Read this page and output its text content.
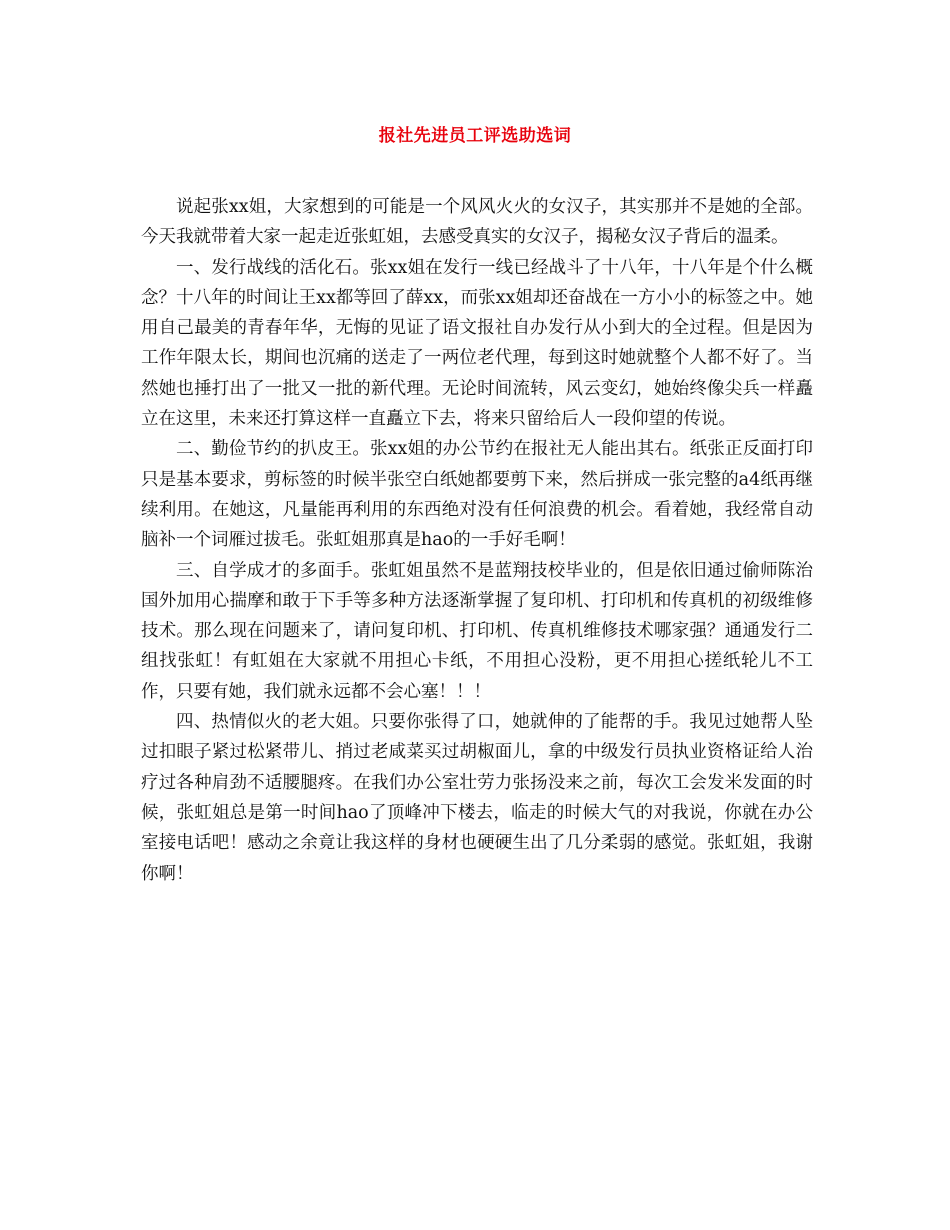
报社先进员工评选助选词

说起张xx姐，大家想到的可能是一个风风火火的女汉子，其实那并不是她的全部。今天我就带着大家一起走近张虹姐，去感受真实的女汉子，揭秘女汉子背后的温柔。

一、发行战线的活化石。张xx姐在发行一线已经战斗了十八年，十八年是个什么概念？十八年的时间让王xx都等回了薛xx，而张xx姐却还奋战在一方小小的标签之中。她用自己最美的青春年华，无悔的见证了语文报社自办发行从小到大的全过程。但是因为工作年限太长，期间也沉痛的送走了一两位老代理，每到这时她就整个人都不好了。当然她也捶打出了一批又一批的新代理。无论时间流转，风云变幻，她始终像尖兵一样矗立在这里，未来还打算这样一直矗立下去，将来只留给后人一段仰望的传说。

二、勤俭节约的扒皮王。张xx姐的办公节约在报社无人能出其右。纸张正反面打印只是基本要求，剪标签的时候半张空白纸她都要剪下来，然后拼成一张完整的a4纸再继续利用。在她这，凡量能再利用的东西绝对没有任何浪费的机会。看着她，我经常自动脑补一个词雁过拔毛。张虹姐那真是hao的一手好毛啊！

三、自学成才的多面手。张虹姐虽然不是蓝翔技校毕业的，但是依旧通过偷师陈治国外加用心揣摩和敢于下手等多种方法逐渐掌握了复印机、打印机和传真机的初级维修技术。那么现在问题来了，请问复印机、打印机、传真机维修技术哪家强？通通发行二组找张虹！有虹姐在大家就不用担心卡纸，不用担心没粉，更不用担心搓纸轮儿不工作，只要有她，我们就永远都不会心塞！！！

四、热情似火的老大姐。只要你张得了口，她就伸的了能帮的手。我见过她帮人坠过扣眼子紧过松紧带儿、捎过老咸菜买过胡椒面儿，拿的中级发行员执业资格证给人治疗过各种肩劲不适腰腿疼。在我们办公室壮劳力张扬没来之前，每次工会发米发面的时候，张虹姐总是第一时间hao了顶峰冲下楼去，临走的时候大气的对我说，你就在办公室接电话吧！感动之余竟让我这样的身材也硬硬生出了几分柔弱的感觉。张虹姐，我谢你啊！
